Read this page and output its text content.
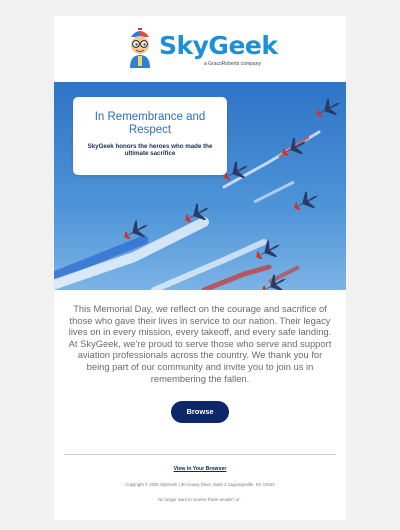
SkyGeek
a GracoRoberts company
In Remembrance and Respect
SkyGeek honors the heroes who made the ultimate sacrifice
This Memorial Day, we reflect on the courage and sacrifice of those who gave their lives in service to our nation. Their legacy lives on in every mission, every takeoff, and every safe landing. At SkyGeek, we’re proud to serve those who serve and support aviation professionals across the country. We thank you for being part of our community and invite you to join us in remembering the fallen.
Browse
View in Your Browser
Copyright © 2025 SkyGeek | 30 Airway Drive, Suite 2 Lagrangeville, NY 12540
No longer want to receive these emails? or .
